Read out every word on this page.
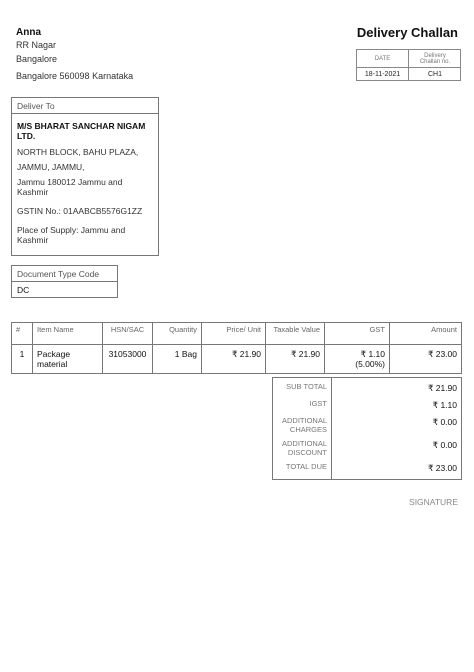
Anna
RR Nagar
Bangalore
Bangalore 560098 Karnataka
Delivery Challan
DATE	Delivery Challan no.
18-11-2021	CH1
Deliver To
M/S BHARAT SANCHAR NIGAM LTD.
NORTH BLOCK, BAHU PLAZA,
JAMMU, JAMMU,
Jammu 180012 Jammu and Kashmir
GSTIN No.: 01AABCB5576G1ZZ
Place of Supply: Jammu and Kashmir
Document Type Code
DC
#	Item Name	HSN/SAC	Quantity	Price/ Unit	Taxable Value	GST	Amount
1	Package material	31053000	1 Bag	₹ 21.90	₹ 21.90	₹ 1.10 (5.00%)	₹ 23.00
SUB TOTAL	₹ 21.90
IGST	₹ 1.10
ADDITIONAL CHARGES	₹ 0.00
ADDITIONAL DISCOUNT	₹ 0.00
TOTAL DUE	₹ 23.00
SIGNATURE
